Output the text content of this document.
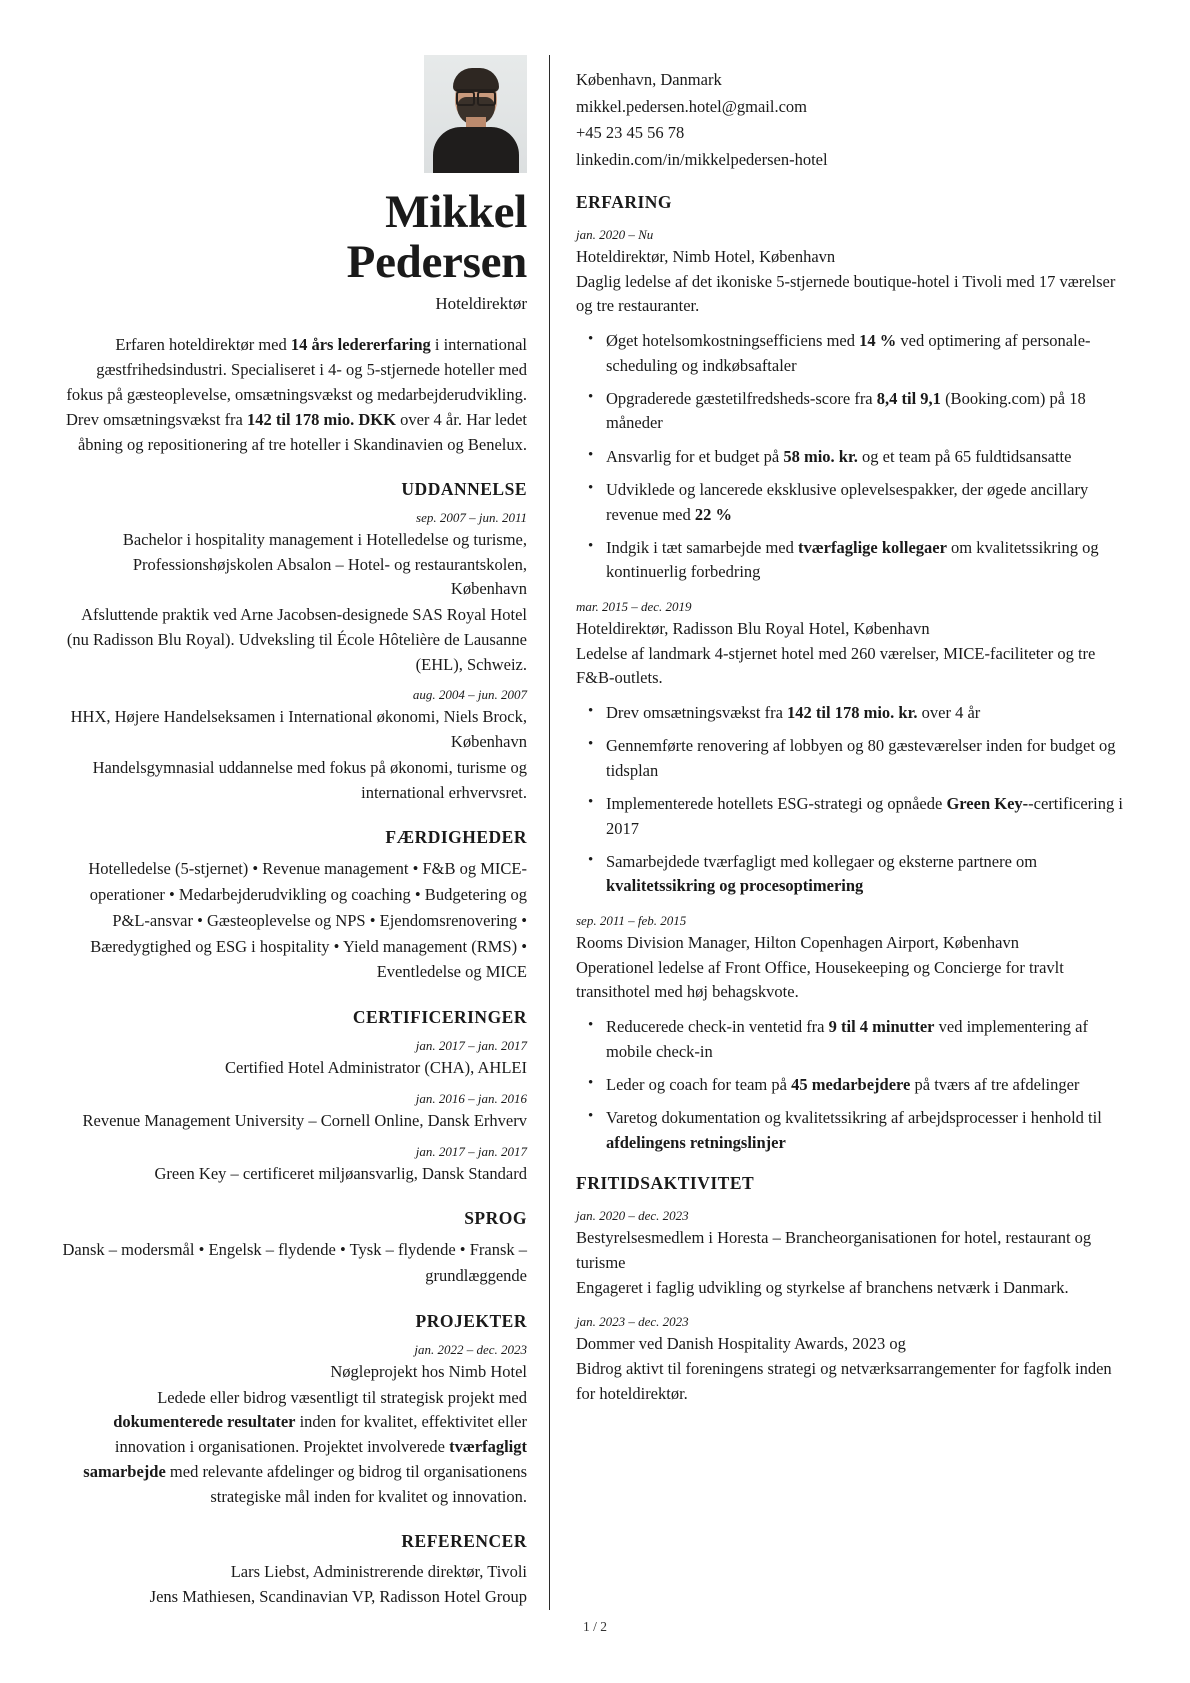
Mikkel
Pedersen
Hoteldirektør
Erfaren hoteldirektør med 14 års ledererfaring i international gæstfrihedsindustri. Specialiseret i 4- og 5-stjernede hoteller med fokus på gæsteoplevelse, omsætningsvækst og medarbejderudvikling. Drev omsætningsvækst fra 142 til 178 mio. DKK over 4 år. Har ledet åbning og repositionering af tre hoteller i Skandinavien og Benelux.
UDDANNELSE
sep. 2007 – jun. 2011
Bachelor i hospitality management i Hotelledelse og turisme, Professionshøjskolen Absalon – Hotel- og restaurantskolen, København
Afsluttende praktik ved Arne Jacobsen-designede SAS Royal Hotel (nu Radisson Blu Royal). Udveksling til École Hôtelière de Lausanne (EHL), Schweiz.
aug. 2004 – jun. 2007
HHX, Højere Handelseksamen i International økonomi, Niels Brock, København
Handelsgymnasial uddannelse med fokus på økonomi, turisme og international erhvervsret.
FÆRDIGHEDER
Hotelledelse (5-stjernet) • Revenue management • F&B og MICE-operationer • Medarbejderudvikling og coaching • Budgetering og P&L-ansvar • Gæsteoplevelse og NPS • Ejendomsrenovering • Bæredygtighed og ESG i hospitality • Yield management (RMS) • Eventledelse og MICE
CERTIFICERINGER
jan. 2017 – jan. 2017
Certified Hotel Administrator (CHA), AHLEI
jan. 2016 – jan. 2016
Revenue Management University – Cornell Online, Dansk Erhverv
jan. 2017 – jan. 2017
Green Key – certificeret miljøansvarlig, Dansk Standard
SPROG
Dansk – modersmål • Engelsk – flydende • Tysk – flydende • Fransk – grundlæggende
PROJEKTER
jan. 2022 – dec. 2023
Nøgleprojekt hos Nimb Hotel
Ledede eller bidrog væsentligt til strategisk projekt med dokumenterede resultater inden for kvalitet, effektivitet eller innovation i organisationen. Projektet involverede tværfagligt samarbejde med relevante afdelinger og bidrog til organisationens strategiske mål inden for kvalitet og innovation.
REFERENCER
Lars Liebst, Administrerende direktør, Tivoli
Jens Mathiesen, Scandinavian VP, Radisson Hotel Group
København, Danmark
mikkel.pedersen.hotel@gmail.com
+45 23 45 56 78
linkedin.com/in/mikkelpedersen-hotel
ERFARING
jan. 2020 – Nu
Hoteldirektør, Nimb Hotel, København
Daglig ledelse af det ikoniske 5-stjernede boutique-hotel i Tivoli med 17 værelser og tre restauranter.
• Øget hotelsomkostningsefficiens med 14 % ved optimering af personale-scheduling og indkøbsaftaler
• Opgraderede gæstetilfredsheds-score fra 8,4 til 9,1 (Booking.com) på 18 måneder
• Ansvarlig for et budget på 58 mio. kr. og et team på 65 fuldtidsansatte
• Udviklede og lancerede eksklusive oplevelsespakker, der øgede ancillary revenue med 22 %
• Indgik i tæt samarbejde med tværfaglige kollegaer om kvalitetssikring og kontinuerlig forbedring
mar. 2015 – dec. 2019
Hoteldirektør, Radisson Blu Royal Hotel, København
Ledelse af landmark 4-stjernet hotel med 260 værelser, MICE-faciliteter og tre F&B-outlets.
• Drev omsætningsvækst fra 142 til 178 mio. kr. over 4 år
• Gennemførte renovering af lobbyen og 80 gæsteværelser inden for budget og tidsplan
• Implementerede hotellets ESG-strategi og opnåede Green Key--certificering i 2017
• Samarbejdede tværfagligt med kollegaer og eksterne partnere om kvalitetssikring og procesoptimering
sep. 2011 – feb. 2015
Rooms Division Manager, Hilton Copenhagen Airport, København
Operationel ledelse af Front Office, Housekeeping og Concierge for travlt transithotel med høj behagskvote.
• Reducerede check-in ventetid fra 9 til 4 minutter ved implementering af mobile check-in
• Leder og coach for team på 45 medarbejdere på tværs af tre afdelinger
• Varetog dokumentation og kvalitetssikring af arbejdsprocesser i henhold til afdelingens retningslinjer
FRITIDSAKTIVITET
jan. 2020 – dec. 2023
Bestyrelsesmedlem i Horesta – Brancheorganisationen for hotel, restaurant og turisme
Engageret i faglig udvikling og styrkelse af branchens netværk i Danmark.
jan. 2023 – dec. 2023
Dommer ved Danish Hospitality Awards, 2023 og
Bidrog aktivt til foreningens strategi og netværksarrangementer for fagfolk inden for hoteldirektør.
1 / 2
